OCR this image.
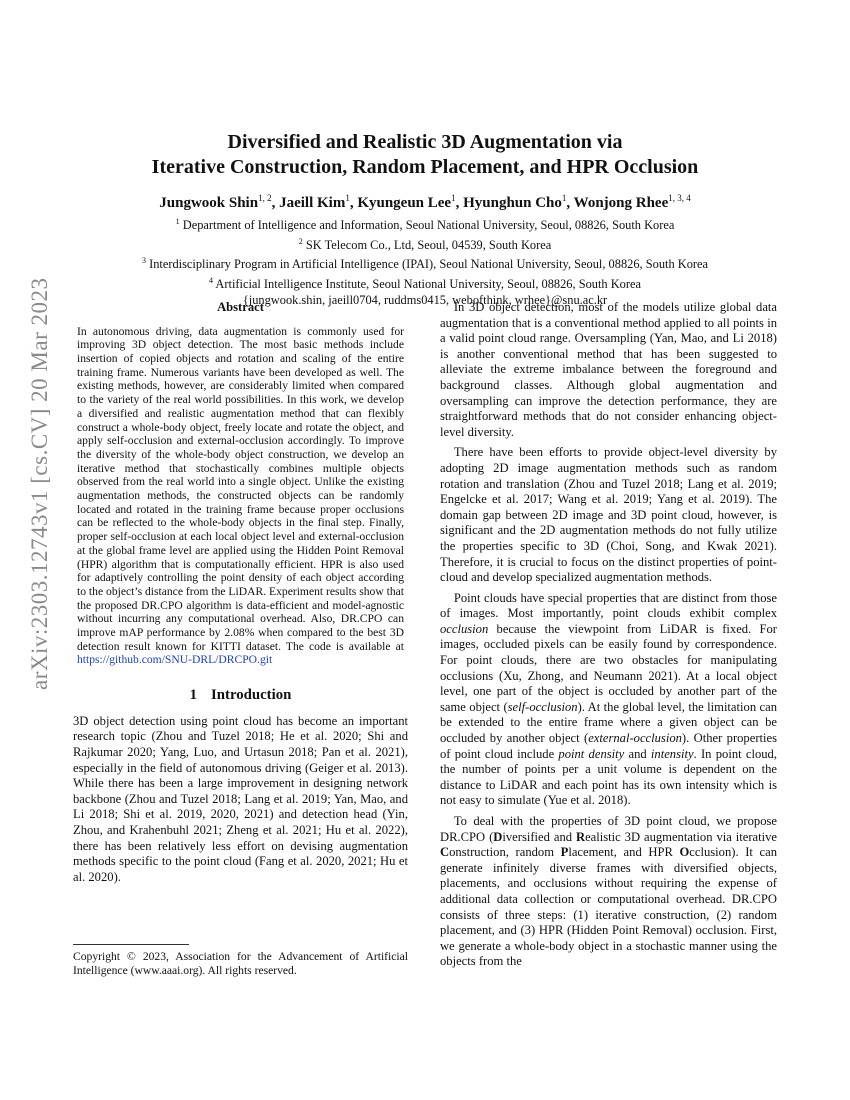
arXiv:2303.12743v1 [cs.CV] 20 Mar 2023
Diversified and Realistic 3D Augmentation via
Iterative Construction, Random Placement, and HPR Occlusion
Jungwook Shin$^{1, 2}$, Jaeill Kim$^1$, Kyungeun Lee$^1$, Hyunghun Cho$^1$, Wonjong Rhee$^{1, 3, 4}$
$^1$ Department of Intelligence and Information, Seoul National University, Seoul, 08826, South Korea
$^2$ SK Telecom Co., Ltd, Seoul, 04539, South Korea
$^3$ Interdisciplinary Program in Artificial Intelligence (IPAI), Seoul National University, Seoul, 08826, South Korea
$^4$ Artificial Intelligence Institute, Seoul National University, Seoul, 08826, South Korea
{jungwook.shin, jaeill0704, ruddms0415, webofthink, wrhee}@snu.ac.kr
Abstract

In autonomous driving, data augmentation is commonly used for improving 3D object detection. The most basic methods include insertion of copied objects and rotation and scaling of the entire training frame. Numerous variants have been developed as well. The existing methods, however, are considerably limited when compared to the variety of the real world possibilities. In this work, we develop a diversified and realistic augmentation method that can flexibly construct a whole-body object, freely locate and rotate the object, and apply self-occlusion and external-occlusion accordingly. To improve the diversity of the whole-body object construction, we develop an iterative method that stochastically combines multiple objects observed from the real world into a single object. Unlike the existing augmentation methods, the constructed objects can be randomly located and rotated in the training frame because proper occlusions can be reflected to the whole-body objects in the final step. Finally, proper self-occlusion at each local object level and external-occlusion at the global frame level are applied using the Hidden Point Removal (HPR) algorithm that is computationally efficient. HPR is also used for adaptively controlling the point density of each object according to the object’s distance from the LiDAR. Experiment results show that the proposed DR.CPO algorithm is data-efficient and model-agnostic without incurring any computational overhead. Also, DR.CPO can improve mAP performance by 2.08% when compared to the best 3D detection result known for KITTI dataset. The code is available at https://github.com/SNU-DRL/DRCPO.git

1 Introduction

3D object detection using point cloud has become an important research topic (Zhou and Tuzel 2018; He et al. 2020; Shi and Rajkumar 2020; Yang, Luo, and Urtasun 2018; Pan et al. 2021), especially in the field of autonomous driving (Geiger et al. 2013). While there has been a large improvement in designing network backbone (Zhou and Tuzel 2018; Lang et al. 2019; Yan, Mao, and Li 2018; Shi et al. 2019, 2020, 2021) and detection head (Yin, Zhou, and Krahenbuhl 2021; Zheng et al. 2021; Hu et al. 2022), there has been relatively less effort on devising augmentation methods specific to the point cloud (Fang et al. 2020, 2021; Hu et al. 2020).

Copyright © 2023, Association for the Advancement of Artificial Intelligence (www.aaai.org). All rights reserved.

In 3D object detection, most of the models utilize global data augmentation that is a conventional method applied to all points in a valid point cloud range. Oversampling (Yan, Mao, and Li 2018) is another conventional method that has been suggested to alleviate the extreme imbalance between the foreground and background classes. Although global augmentation and oversampling can improve the detection performance, they are straightforward methods that do not consider enhancing object-level diversity.

There have been efforts to provide object-level diversity by adopting 2D image augmentation methods such as random rotation and translation (Zhou and Tuzel 2018; Lang et al. 2019; Engelcke et al. 2017; Wang et al. 2019; Yang et al. 2019). The domain gap between 2D image and 3D point cloud, however, is significant and the 2D augmentation methods do not fully utilize the properties specific to 3D (Choi, Song, and Kwak 2021). Therefore, it is crucial to focus on the distinct properties of point-cloud and develop specialized augmentation methods.

Point clouds have special properties that are distinct from those of images. Most importantly, point clouds exhibit complex occlusion because the viewpoint from LiDAR is fixed. For images, occluded pixels can be easily found by correspondence. For point clouds, there are two obstacles for manipulating occlusions (Xu, Zhong, and Neumann 2021). At a local object level, one part of the object is occluded by another part of the same object (self-occlusion). At the global level, the limitation can be extended to the entire frame where a given object can be occluded by another object (external-occlusion). Other properties of point cloud include point density and intensity. In point cloud, the number of points per a unit volume is dependent on the distance to LiDAR and each point has its own intensity which is not easy to simulate (Yue et al. 2018).

To deal with the properties of 3D point cloud, we propose DR.CPO (Diversified and Realistic 3D augmentation via iterative Construction, random Placement, and HPR Occlusion). It can generate infinitely diverse frames with diversified objects, placements, and occlusions without requiring the expense of additional data collection or computational overhead. DR.CPO consists of three steps: (1) iterative construction, (2) random placement, and (3) HPR (Hidden Point Removal) occlusion. First, we generate a whole-body object in a stochastic manner using the objects from the
